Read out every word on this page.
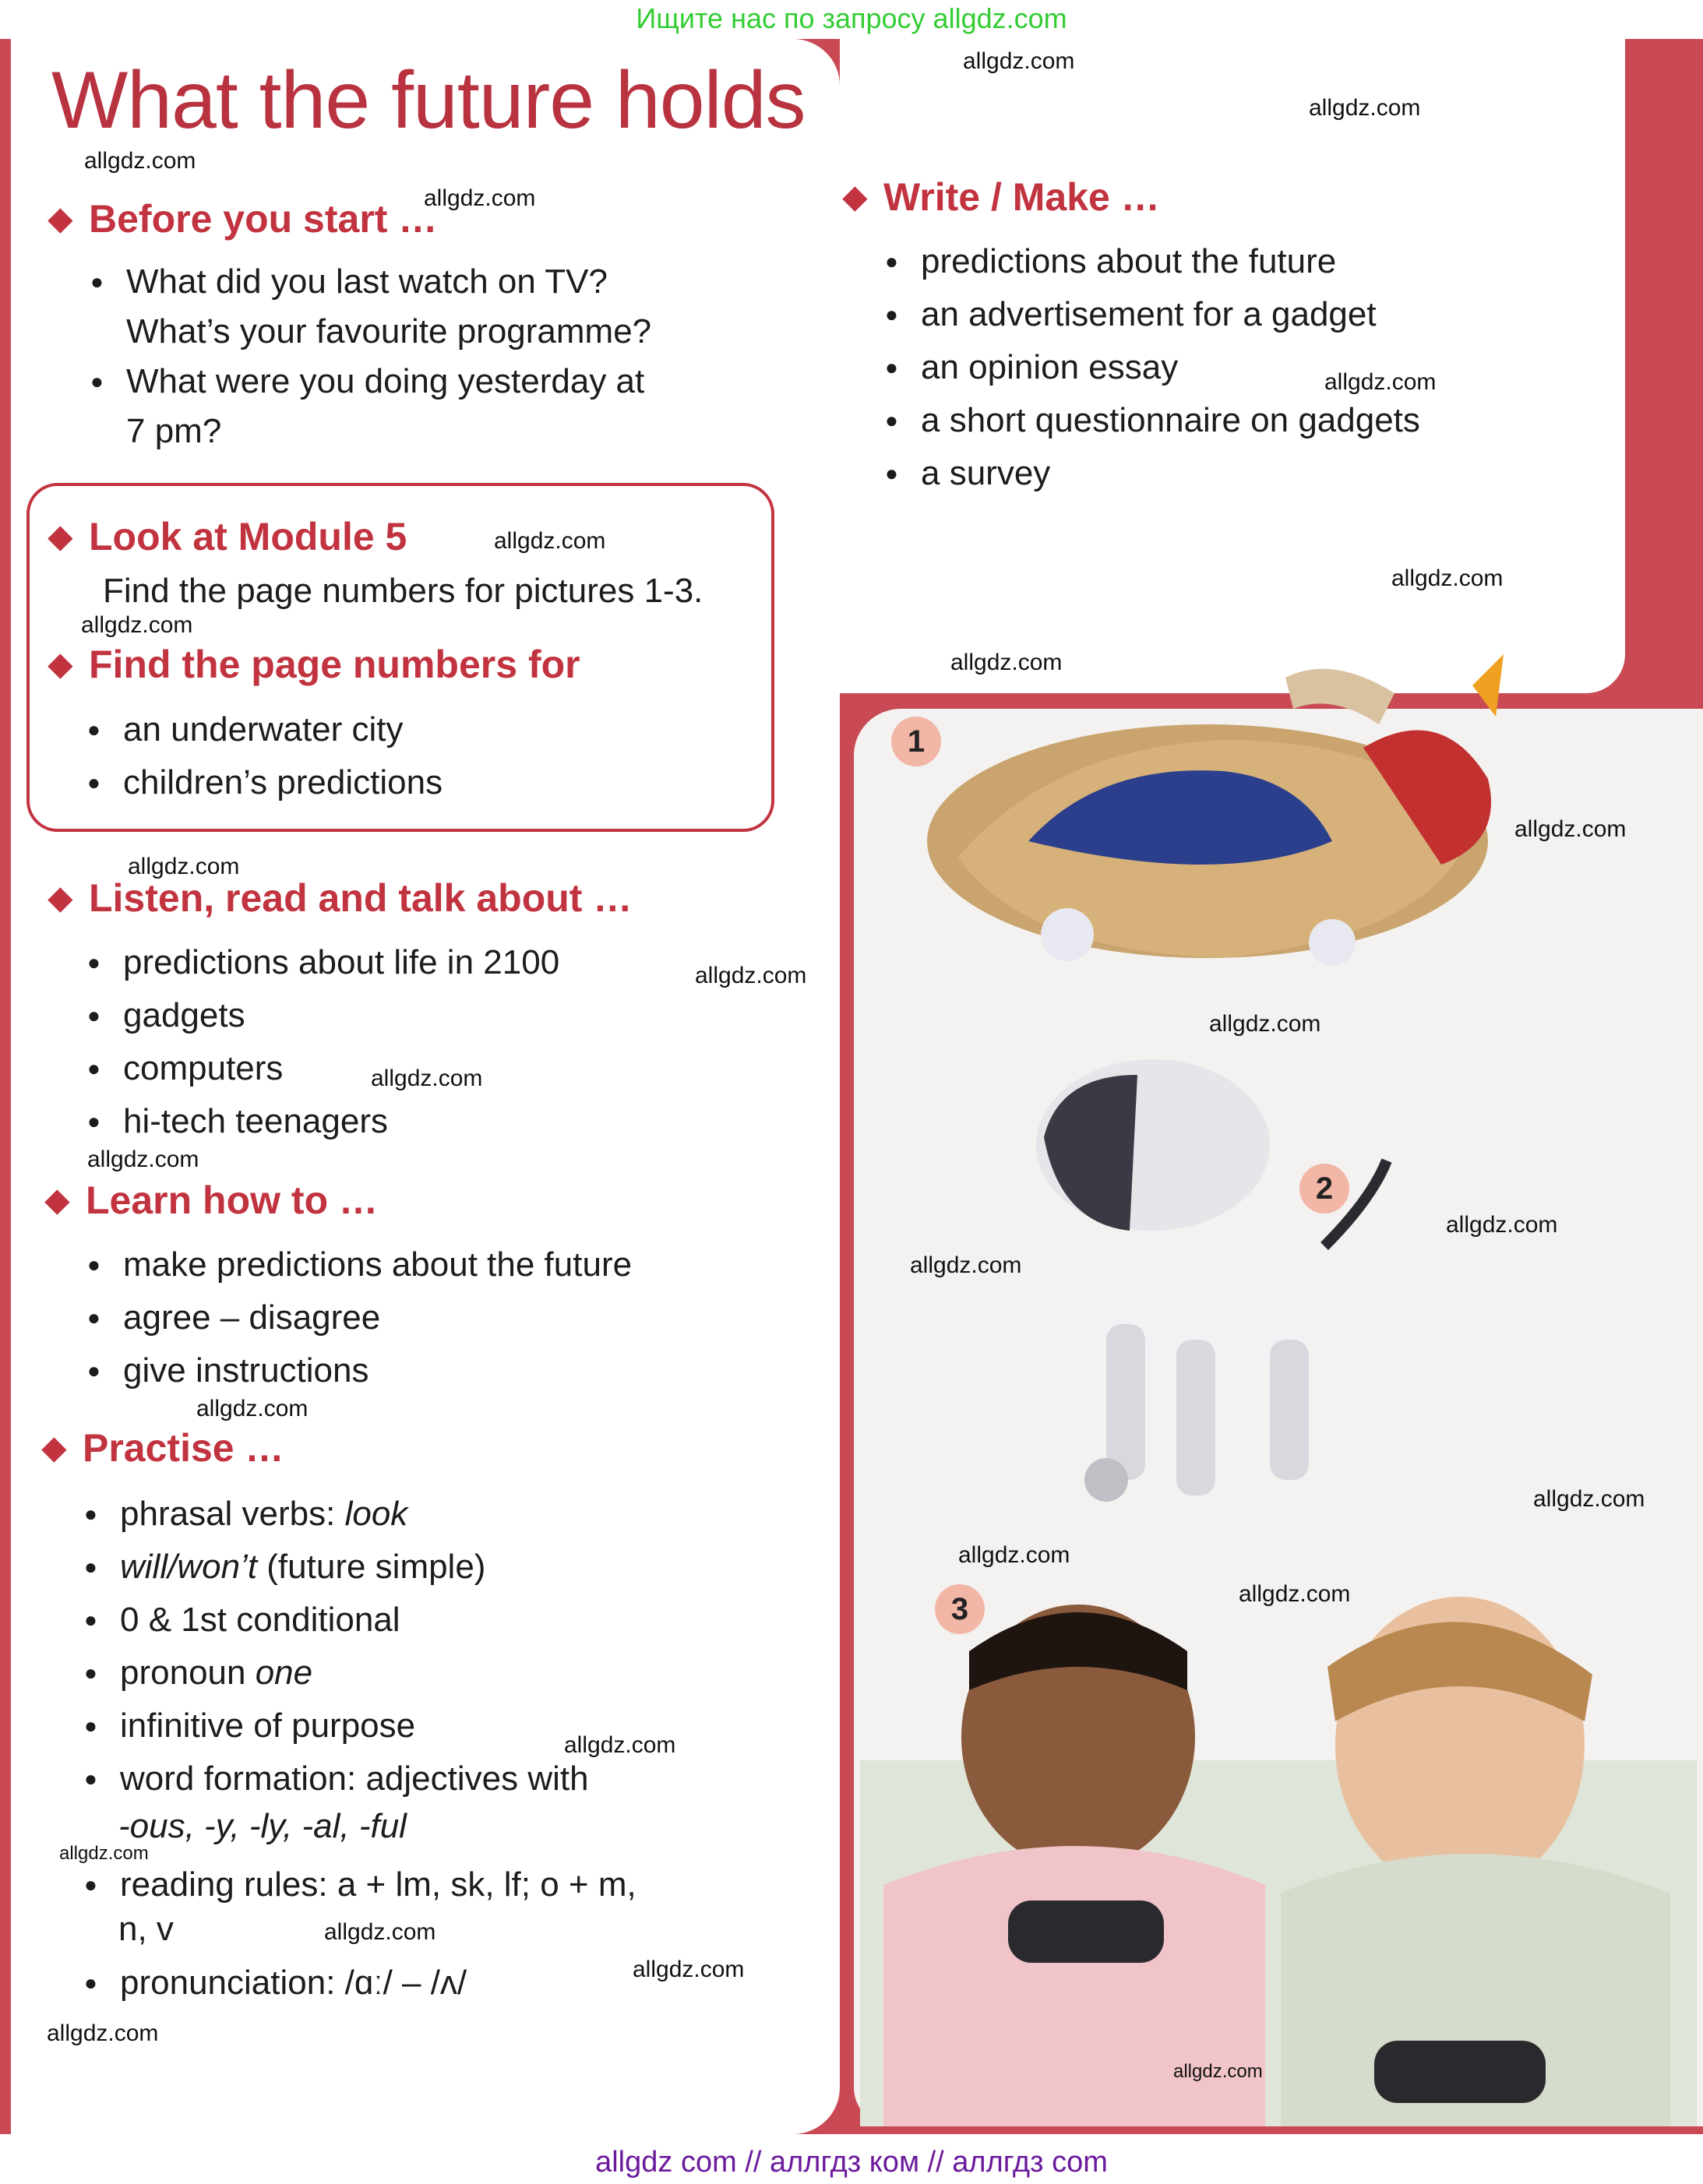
Ищите нас по запросу allgdz.com
What the future holds
◆ Before you start …
● What did you last watch on TV?
What’s your favourite programme?
● What were you doing yesterday at
7 pm?
◆ Look at Module 5
Find the page numbers for pictures 1-3.
◆ Find the page numbers for
● an underwater city
● children’s predictions
◆ Listen, read and talk about …
● predictions about life in 2100
● gadgets
● computers
● hi-tech teenagers
◆ Learn how to …
● make predictions about the future
● agree – disagree
● give instructions
◆ Practise …
● phrasal verbs: look
● will/won’t (future simple)
● 0 & 1st conditional
● pronoun one
● infinitive of purpose
● word formation: adjectives with
-ous, -y, -ly, -al, -ful
● reading rules: a + lm, sk, lf; o + m,
n, v
● pronunciation: /ɑː/ – /ʌ/
◆ Write / Make …
● predictions about the future
● an advertisement for a gadget
● an opinion essay
● a short questionnaire on gadgets
● a survey
1
2
3
allgdz.com
allgdz.com
allgdz.com
allgdz.com
allgdz.com
allgdz.com
allgdz.com
allgdz.com
allgdz.com
allgdz.com
allgdz.com
allgdz.com
allgdz.com
allgdz.com
allgdz.com
allgdz.com
allgdz.com
allgdz.com
allgdz.com
allgdz.com
allgdz.com
allgdz.com
allgdz.com
allgdz.com
allgdz.com
allgdz.com
allgdz.com
allgdz com // аллгдз ком // аллгдз com
